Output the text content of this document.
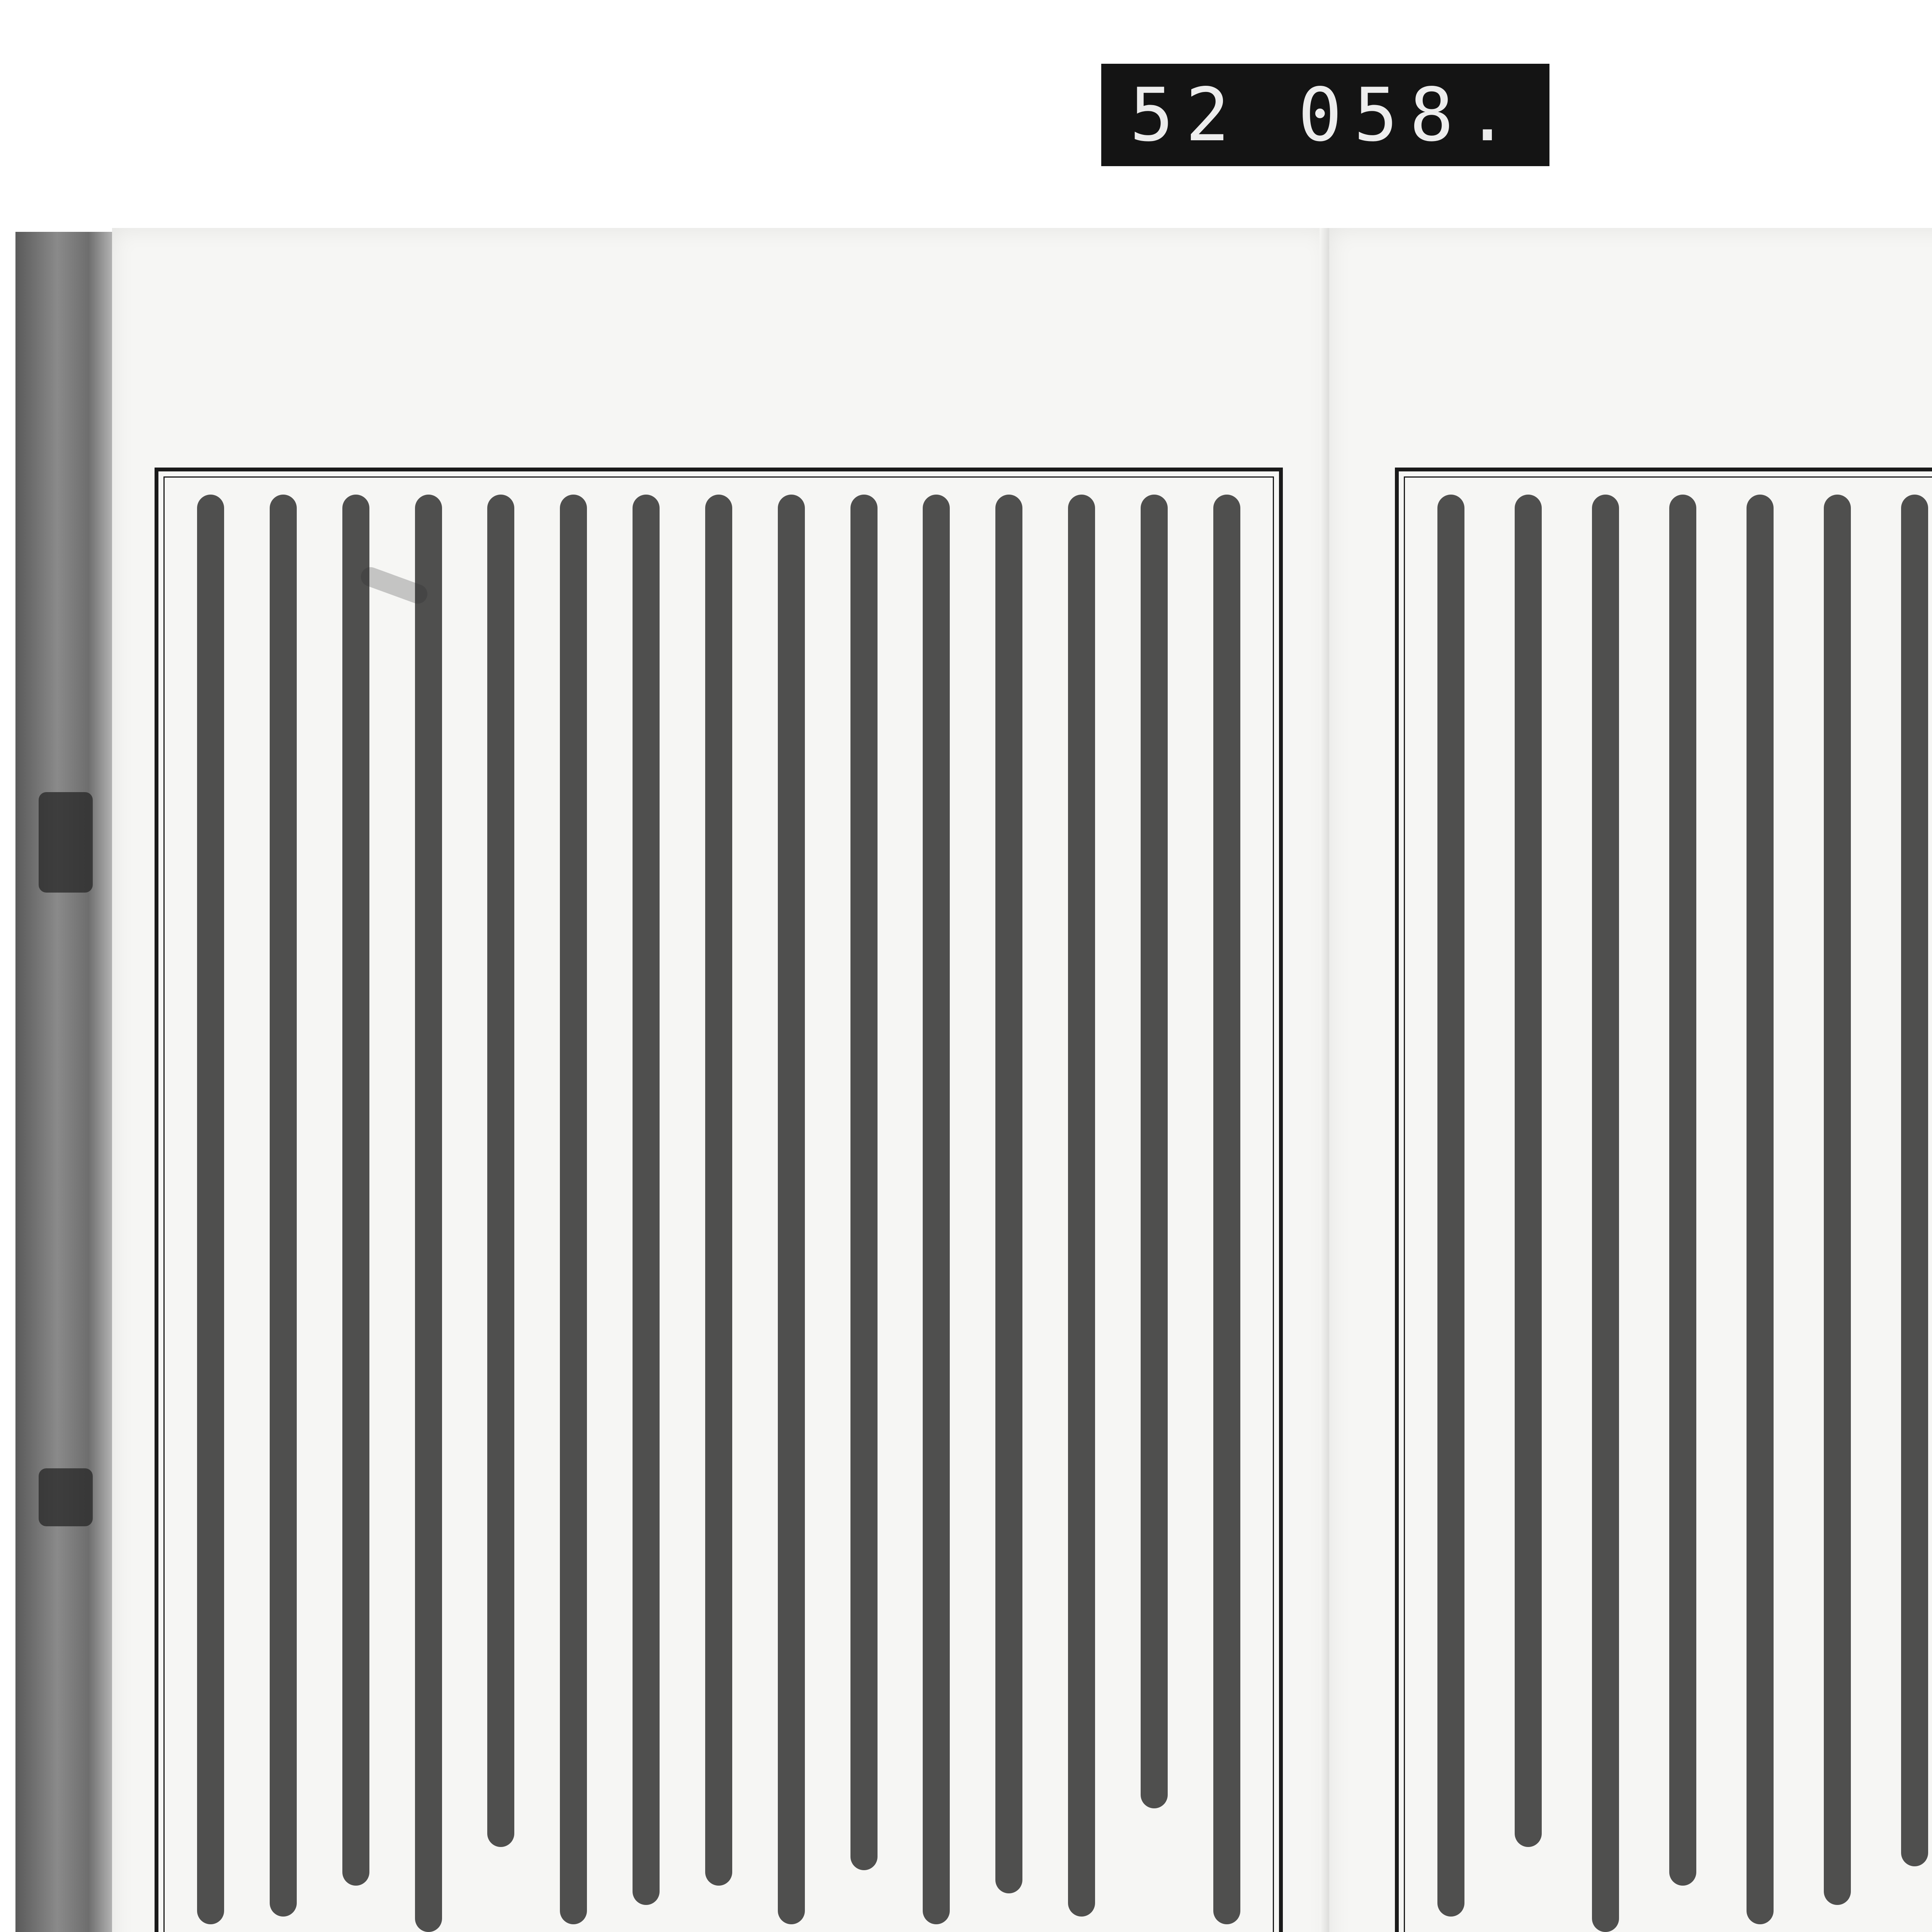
52 058.
